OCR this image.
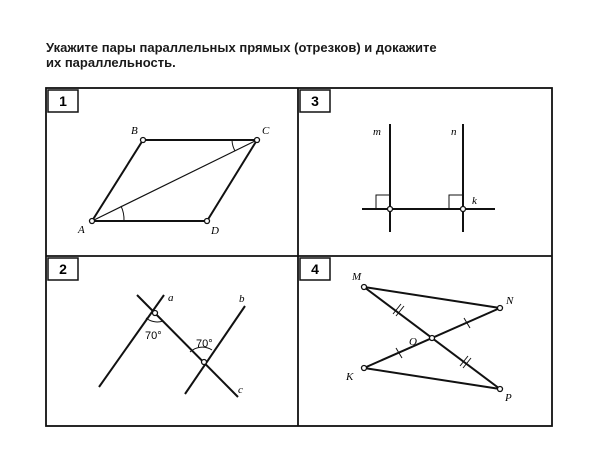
Укажите пары параллельных прямых (отрезков) и докажите
их параллельность.
1	3
2	4
A
B	C
D
m	n
k
a	b
c
70°
70°
M
N
O
K
P
